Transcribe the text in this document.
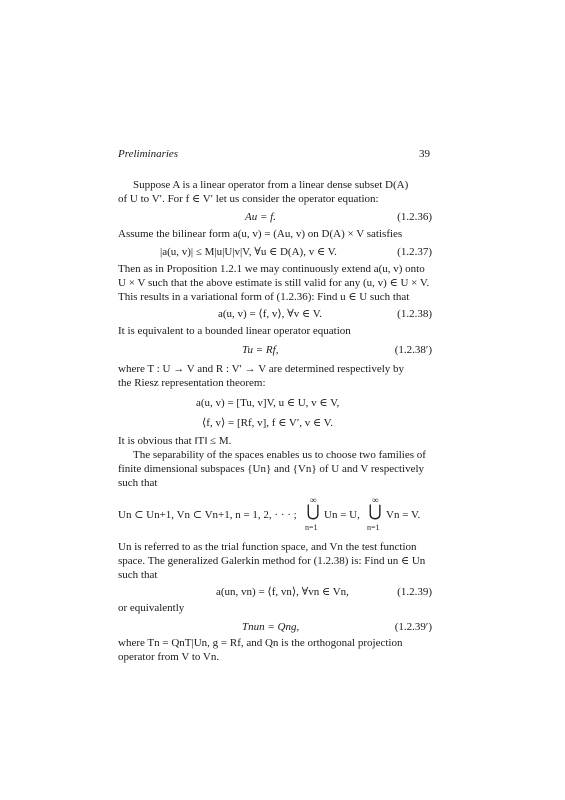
Preliminaries	39
Suppose A is a linear operator from a linear dense subset D(A)
of U to V′. For f ∈ V′ let us consider the operator equation:
Au = f.	(1.2.36)
Assume the bilinear form a(u, v) = (Au, v) on D(A) × V satisfies
|a(u, v)| ≤ M|u|U|v|V, ∀u ∈ D(A), v ∈ V.	(1.2.37)
Then as in Proposition 1.2.1 we may continuously extend a(u, v) onto
U × V such that the above estimate is still valid for any (u, v) ∈ U × V.
This results in a variational form of (1.2.36): Find u ∈ U such that
a(u, v) = ⟨f, v⟩, ∀v ∈ V.	(1.2.38)
It is equivalent to a bounded linear operator equation
Tu = Rf,	(1.2.38′)
where T : U → V and R : V′ → V are determined respectively by
the Riesz representation theorem:
a(u, v) = [Tu, v]V, u ∈ U, v ∈ V,
⟨f, v⟩ = [Rf, v], f ∈ V′, v ∈ V.
It is obvious that ‖T‖ ≤ M.
The separability of the spaces enables us to choose two families of
finite dimensional subspaces {Un} and {Vn} of U and V respectively
such that
Un ⊂ Un+1, Vn ⊂ Vn+1, n = 1, 2, · · · ;
∞
⋃
n=1
Un = U,
∞
⋃
n=1
Vn = V.
Un is referred to as the trial function space, and Vn the test function
space. The generalized Galerkin method for (1.2.38) is: Find un ∈ Un
such that
a(un, vn) = ⟨f, vn⟩, ∀vn ∈ Vn,	(1.2.39)
or equivalently
Tnun = Qng,	(1.2.39′)
where Tn = QnT|Un, g = Rf, and Qn is the orthogonal projection
operator from V to Vn.
